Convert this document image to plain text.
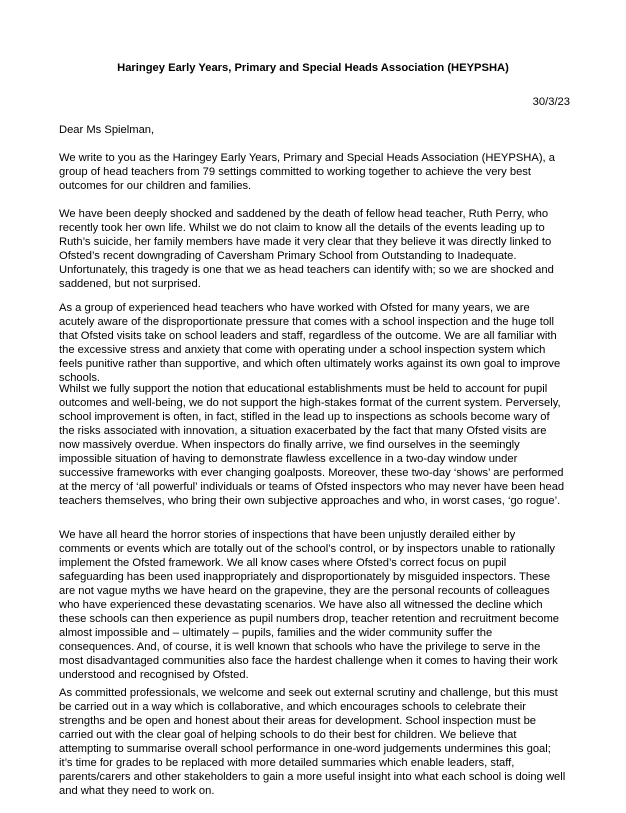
Haringey Early Years, Primary and Special Heads Association (HEYPSHA)
30/3/23
Dear Ms Spielman,

We write to you as the Haringey Early Years, Primary and Special Heads Association (HEYPSHA), a group of head teachers from 79 settings committed to working together to achieve the very best outcomes for our children and families.

We have been deeply shocked and saddened by the death of fellow head teacher, Ruth Perry, who recently took her own life. Whilst we do not claim to know all the details of the events leading up to Ruth’s suicide, her family members have made it very clear that they believe it was directly linked to Ofsted’s recent downgrading of Caversham Primary School from Outstanding to Inadequate. Unfortunately, this tragedy is one that we as head teachers can identify with; so we are shocked and saddened, but not surprised.

As a group of experienced head teachers who have worked with Ofsted for many years, we are acutely aware of the disproportionate pressure that comes with a school inspection and the huge toll that Ofsted visits take on school leaders and staff, regardless of the outcome. We are all familiar with the excessive stress and anxiety that come with operating under a school inspection system which feels punitive rather than supportive, and which often ultimately works against its own goal to improve schools.

Whilst we fully support the notion that educational establishments must be held to account for pupil outcomes and well-being, we do not support the high-stakes format of the current system. Perversely, school improvement is often, in fact, stifled in the lead up to inspections as schools become wary of the risks associated with innovation, a situation exacerbated by the fact that many Ofsted visits are now massively overdue. When inspectors do finally arrive, we find ourselves in the seemingly impossible situation of having to demonstrate flawless excellence in a two-day window under successive frameworks with ever changing goalposts. Moreover, these two-day ‘shows’ are performed at the mercy of ‘all powerful’ individuals or teams of Ofsted inspectors who may never have been head teachers themselves, who bring their own subjective approaches and who, in worst cases, ‘go rogue’.

We have all heard the horror stories of inspections that have been unjustly derailed either by comments or events which are totally out of the school’s control, or by inspectors unable to rationally implement the Ofsted framework. We all know cases where Ofsted’s correct focus on pupil safeguarding has been used inappropriately and disproportionately by misguided inspectors. These are not vague myths we have heard on the grapevine, they are the personal recounts of colleagues who have experienced these devastating scenarios. We have also all witnessed the decline which these schools can then experience as pupil numbers drop, teacher retention and recruitment become almost impossible and – ultimately – pupils, families and the wider community suffer the consequences. And, of course, it is well known that schools who have the privilege to serve in the most disadvantaged communities also face the hardest challenge when it comes to having their work understood and recognised by Ofsted.

As committed professionals, we welcome and seek out external scrutiny and challenge, but this must be carried out in a way which is collaborative, and which encourages schools to celebrate their strengths and be open and honest about their areas for development. School inspection must be carried out with the clear goal of helping schools to do their best for children. We believe that attempting to summarise overall school performance in one-word judgements undermines this goal; it’s time for grades to be replaced with more detailed summaries which enable leaders, staff, parents/carers and other stakeholders to gain a more useful insight into what each school is doing well and what they need to work on.
